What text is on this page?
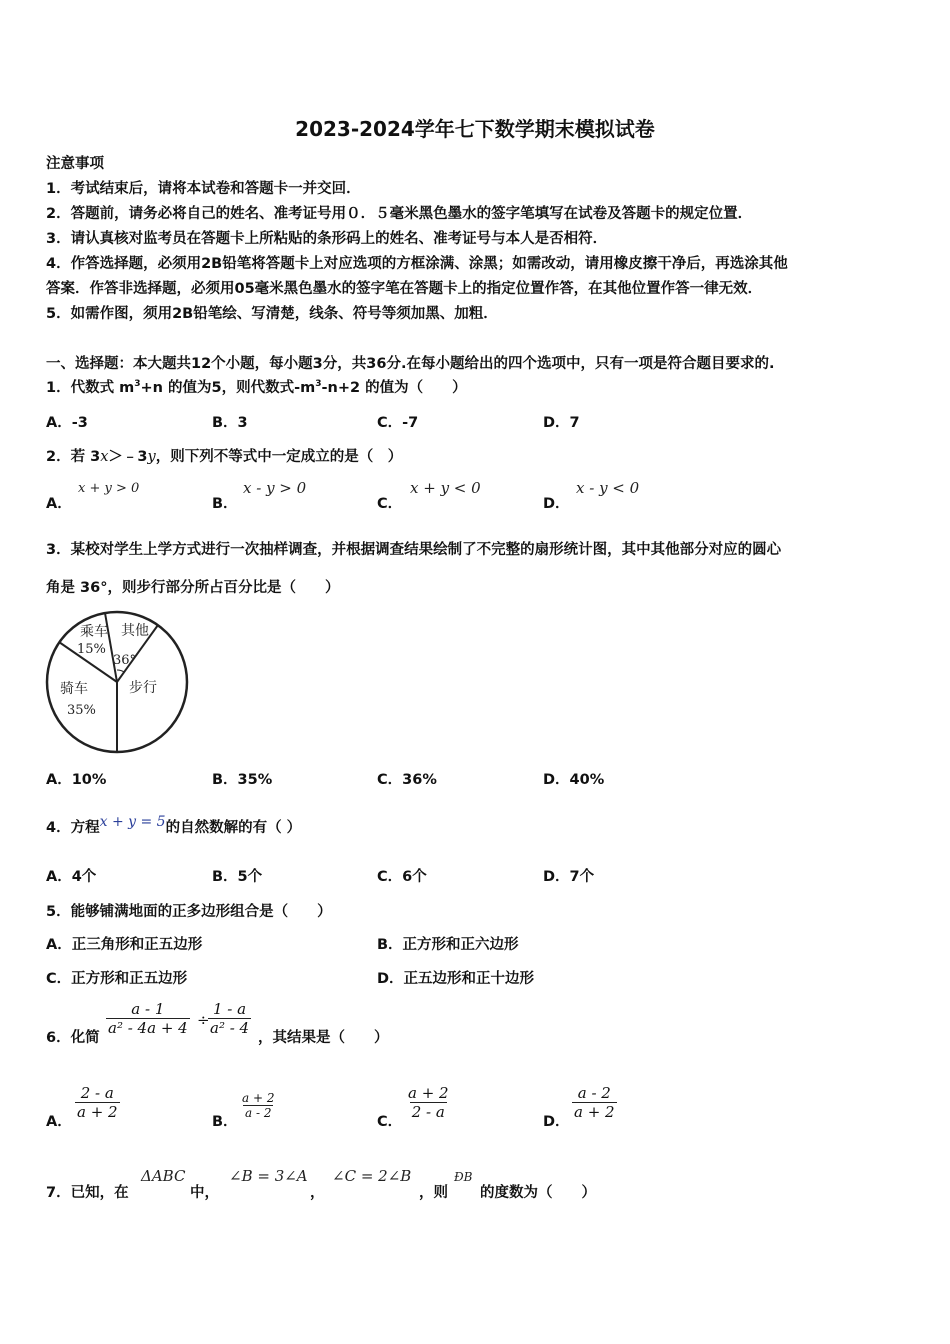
2023-2024学年七下数学期末模拟试卷
注意事项
1．考试结束后，请将本试卷和答题卡一并交回．
2．答题前，请务必将自己的姓名、准考证号用０．５毫米黑色墨水的签字笔填写在试卷及答题卡的规定位置．
3．请认真核对监考员在答题卡上所粘贴的条形码上的姓名、准考证号与本人是否相符．
4．作答选择题，必须用2B铅笔将答题卡上对应选项的方框涂满、涂黑；如需改动，请用橡皮擦干净后，再选涂其他
答案．作答非选择题，必须用05毫米黑色墨水的签字笔在答题卡上的指定位置作答，在其他位置作答一律无效．
5．如需作图，须用2B铅笔绘、写清楚，线条、符号等须加黑、加粗．
一、选择题：本大题共12个小题，每小题3分，共36分.在每小题给出的四个选项中，只有一项是符合题目要求的.
1．代数式 $m^3+n$ 的值为5，则代数式$-m^3-n+2$ 的值为（　　）
A．-3	B．3	C．-7	D．7
2．若 3x＞﹣3y，则下列不等式中一定成立的是（　）
A．
x + y > 0
B．
x - y > 0
C．
x + y < 0
D．
x - y < 0
3．某校对学生上学方式进行一次抽样调查，并根据调查结果绘制了不完整的扇形统计图，其中其他部分对应的圆心
角是 36°，则步行部分所占百分比是（　　）
乘车
15%
其他
36°
骑车
35%
步行
A．10%	B．35%	C．36%	D．40%
4．方程x + y = 5的自然数解的有（ ）
A．4个	B．5个	C．6个	D．7个
5．能够铺满地面的正多边形组合是（　　）
A．正三角形和正五边形	B．正方形和正六边形
C．正方形和正五边形	D．正五边形和正十边形
6．化简
$\frac{a - 1}{\text{a² - 4a + 4}}$ ÷
$\frac{1 - a}{\text{a² - 4}}$
，其结果是（　　）
A．
$\frac{2 - a}{a + 2}$
B．
$\frac{a + 2}{a - 2}$
C．
$\frac{a + 2}{2 - a}$
D．
$\frac{a - 2}{a + 2}$
7．已知，在
ΔABC
中，
∠B = 3∠A
，
∠C = 2∠B
，则
ÐB
的度数为（　　）
